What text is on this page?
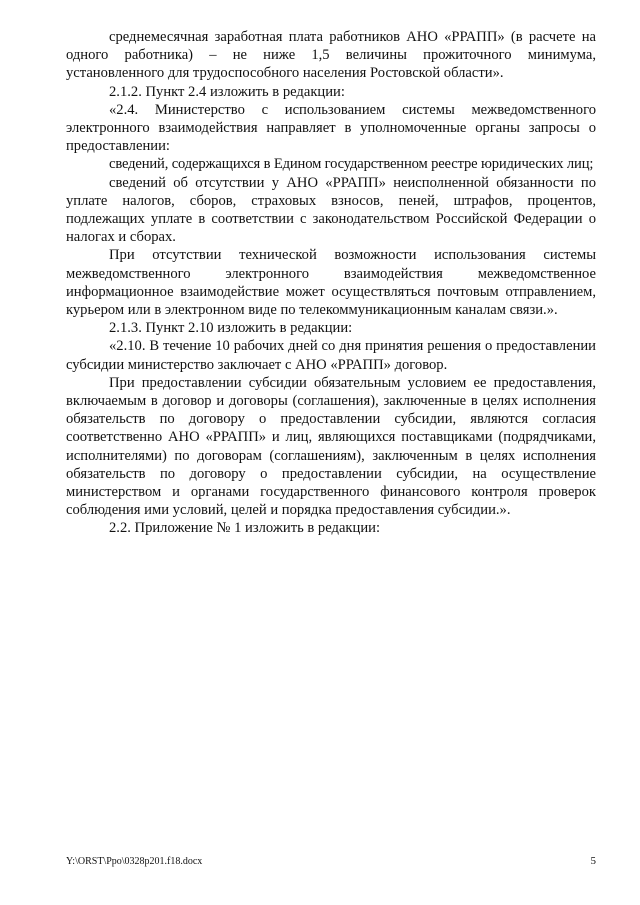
среднемесячная заработная плата работников АНО «РРАПП» (в расчете на одного работника) – не ниже 1,5 величины прожиточного минимума, установленного для трудоспособного населения Ростовской области».

2.1.2. Пункт 2.4 изложить в редакции:

«2.4. Министерство с использованием системы межведомственного электронного взаимодействия направляет в уполномоченные органы запросы о предоставлении:

сведений, содержащихся в Едином государственном реестре юридических лиц;

сведений об отсутствии у АНО «РРАПП» неисполненной обязанности по уплате налогов, сборов, страховых взносов, пеней, штрафов, процентов, подлежащих уплате в соответствии с законодательством Российской Федерации о налогах и сборах.

При отсутствии технической возможности использования системы межведомственного электронного взаимодействия межведомственное информационное взаимодействие может осуществляться почтовым отправлением, курьером или в электронном виде по телекоммуникационным каналам связи.».

2.1.3. Пункт 2.10 изложить в редакции:

«2.10. В течение 10 рабочих дней со дня принятия решения о предоставлении субсидии министерство заключает с АНО «РРАПП» договор.

При предоставлении субсидии обязательным условием ее предоставления, включаемым в договор и договоры (соглашения), заключенные в целях исполнения обязательств по договору о предоставлении субсидии, являются согласия соответственно АНО «РРАПП» и лиц, являющихся поставщиками (подрядчиками, исполнителями) по договорам (соглашениям), заключенным в целях исполнения обязательств по договору о предоставлении субсидии, на осуществление министерством и органами государственного финансового контроля проверок соблюдения ими условий, целей и порядка предоставления субсидии.».

2.2. Приложение № 1 изложить в редакции:

Y:\ORST\Ppo\0328p201.f18.docx	5
